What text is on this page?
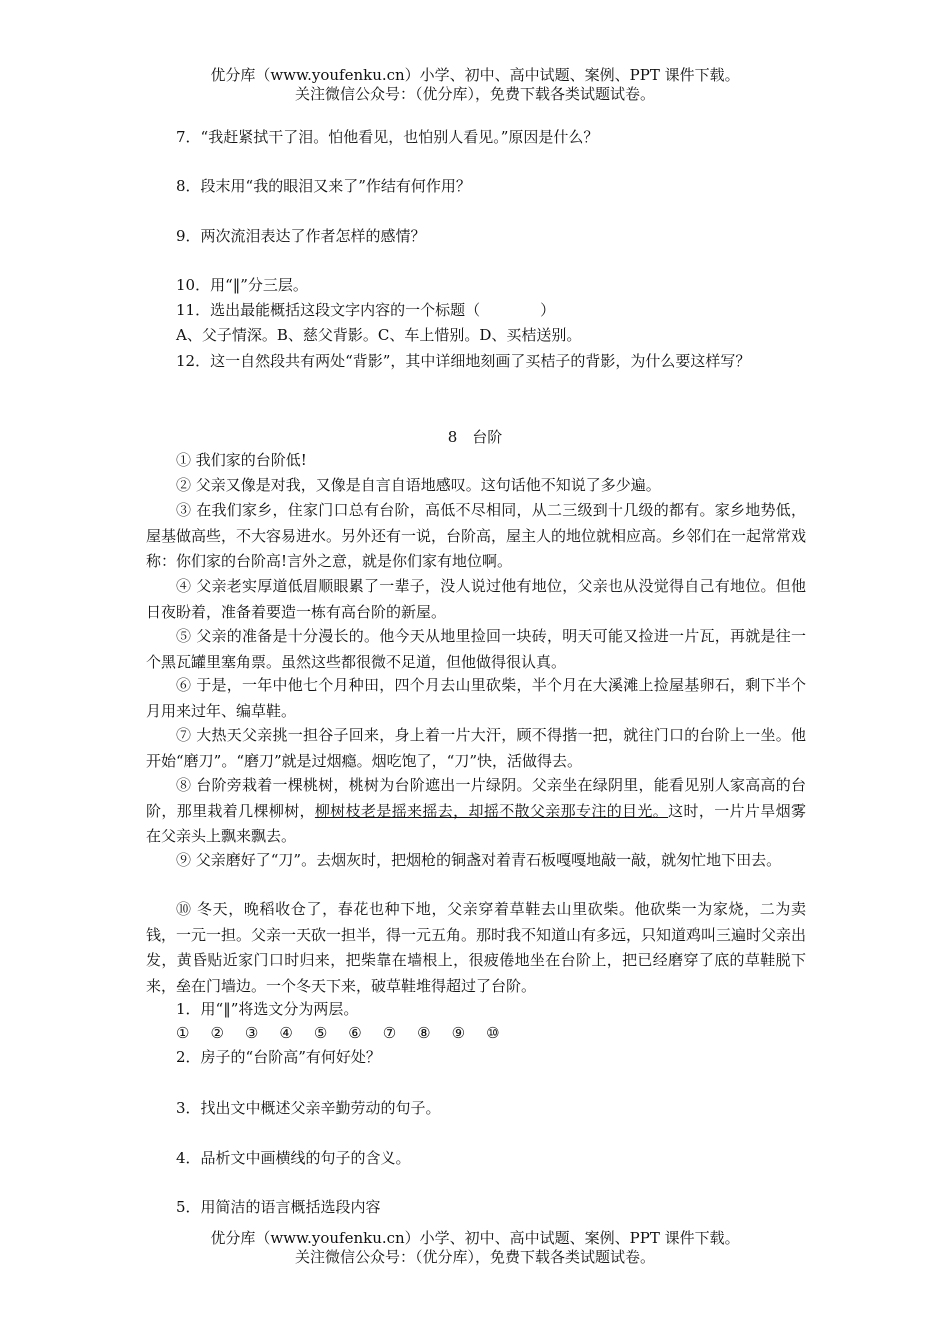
优分库（www.youfenku.cn）小学、初中、高中试题、案例、PPT 课件下载。
关注微信公众号：（优分库），免费下载各类试题试卷。
7．“我赶紧拭干了泪。怕他看见，也怕别人看见。”原因是什么？
8．段末用“我的眼泪又来了”作结有何作用？
9．两次流泪表达了作者怎样的感情？
10．用“‖”分三层。
11．选出最能概括这段文字内容的一个标题（　　　　）
A、父子情深。B、慈父背影。C、车上惜别。D、买桔送别。
12．这一自然段共有两处“背影”，其中详细地刻画了买桔子的背影，为什么要这样写？
8　台阶
① 我们家的台阶低!
② 父亲又像是对我，又像是自言自语地感叹。这句话他不知说了多少遍。
③ 在我们家乡，住家门口总有台阶，高低不尽相同，从二三级到十几级的都有。家乡地势低，屋基做高些，不大容易进水。另外还有一说，台阶高，屋主人的地位就相应高。乡邻们在一起常常戏称：你们家的台阶高!言外之意，就是你们家有地位啊。
④ 父亲老实厚道低眉顺眼累了一辈子，没人说过他有地位，父亲也从没觉得自己有地位。但他日夜盼着，准备着要造一栋有高台阶的新屋。
⑤ 父亲的准备是十分漫长的。他今天从地里捡回一块砖，明天可能又捡进一片瓦，再就是往一个黑瓦罐里塞角票。虽然这些都很微不足道，但他做得很认真。
⑥ 于是，一年中他七个月种田，四个月去山里砍柴，半个月在大溪滩上捡屋基卵石，剩下半个月用来过年、编草鞋。
⑦ 大热天父亲挑一担谷子回来，身上着一片大汗，顾不得揩一把，就往门口的台阶上一坐。他开始“磨刀”。“磨刀”就是过烟瘾。烟吃饱了，“刀”快，活做得去。
⑧ 台阶旁栽着一棵桃树，桃树为台阶遮出一片绿阴。父亲坐在绿阴里，能看见别人家高高的台阶，那里栽着几棵柳树，柳树枝老是摇来摇去，却摇不散父亲那专注的目光。这时，一片片旱烟雾在父亲头上飘来飘去。
⑨ 父亲磨好了“刀”。去烟灰时，把烟枪的铜盏对着青石板嘎嘎地敲一敲，就匆忙地下田去。
⑩ 冬天，晚稻收仓了，春花也种下地，父亲穿着草鞋去山里砍柴。他砍柴一为家烧，二为卖钱，一元一担。父亲一天砍一担半，得一元五角。那时我不知道山有多远，只知道鸡叫三遍时父亲出发，黄昏贴近家门口时归来，把柴靠在墙根上，很疲倦地坐在台阶上，把已经磨穿了底的草鞋脱下来，垒在门墙边。一个冬天下来，破草鞋堆得超过了台阶。
1．用“‖”将选文分为两层。
① ② ③ ④ ⑤ ⑥ ⑦ ⑧ ⑨ ⑩
2．房子的“台阶高”有何好处？
3．找出文中概述父亲辛勤劳动的句子。
4．品析文中画横线的句子的含义。
5．用简洁的语言概括选段内容
优分库（www.youfenku.cn）小学、初中、高中试题、案例、PPT 课件下载。
关注微信公众号：（优分库），免费下载各类试题试卷。
